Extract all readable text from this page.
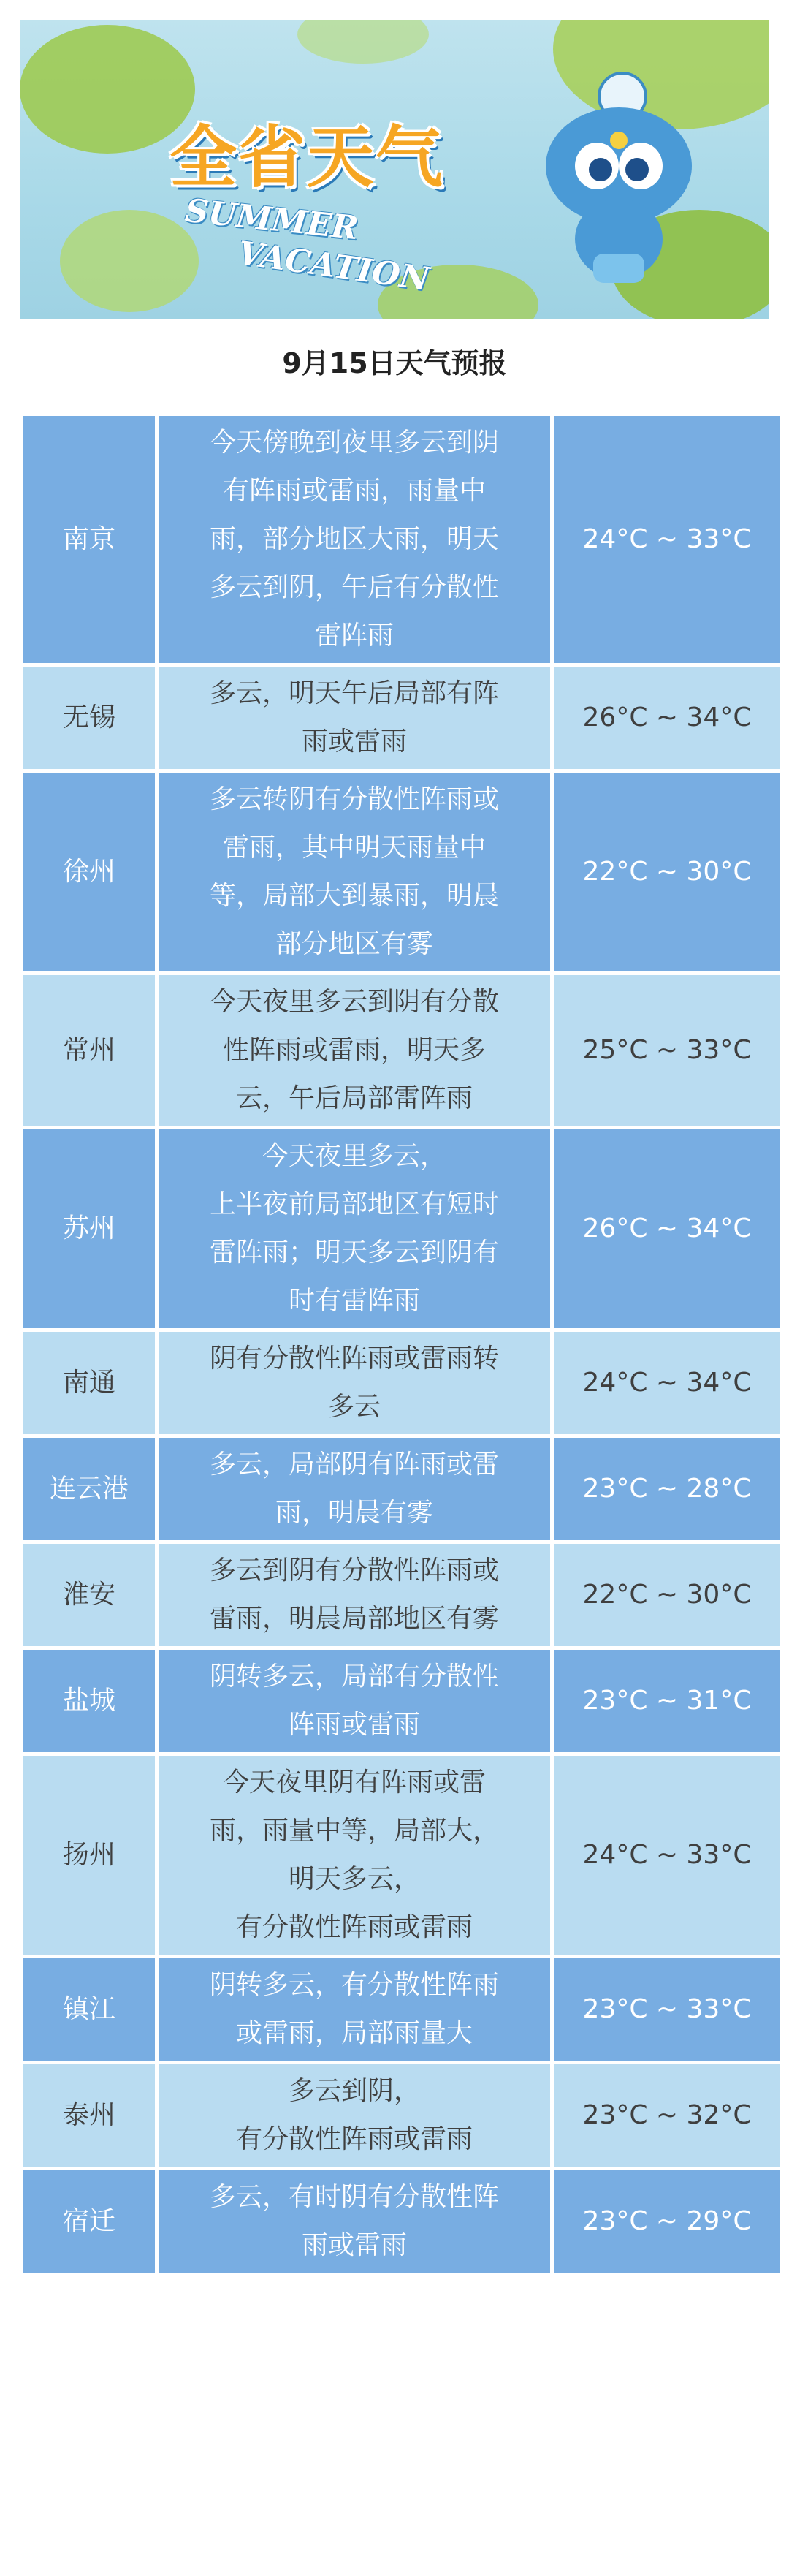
全省天气
SUMMER
VACATION
9月15日天气预报
南京	今天傍晚到夜里多云到阴
有阵雨或雷雨，雨量中
雨，部分地区大雨，明天
多云到阴，午后有分散性
雷阵雨	24°C ~ 33°C
无锡	多云，明天午后局部有阵
雨或雷雨	26°C ~ 34°C
徐州	多云转阴有分散性阵雨或
雷雨，其中明天雨量中
等，局部大到暴雨，明晨
部分地区有雾	22°C ~ 30°C
常州	今天夜里多云到阴有分散
性阵雨或雷雨，明天多
云，午后局部雷阵雨	25°C ~ 33°C
苏州	今天夜里多云，
上半夜前局部地区有短时
雷阵雨；明天多云到阴有
时有雷阵雨	26°C ~ 34°C
南通	阴有分散性阵雨或雷雨转
多云	24°C ~ 34°C
连云港	多云，局部阴有阵雨或雷
雨，明晨有雾	23°C ~ 28°C
淮安	多云到阴有分散性阵雨或
雷雨，明晨局部地区有雾	22°C ~ 30°C
盐城	阴转多云，局部有分散性
阵雨或雷雨	23°C ~ 31°C
扬州	今天夜里阴有阵雨或雷
雨，雨量中等，局部大，
明天多云，
有分散性阵雨或雷雨	24°C ~ 33°C
镇江	阴转多云，有分散性阵雨
或雷雨，局部雨量大	23°C ~ 33°C
泰州	多云到阴，
有分散性阵雨或雷雨	23°C ~ 32°C
宿迁	多云，有时阴有分散性阵
雨或雷雨	23°C ~ 29°C
